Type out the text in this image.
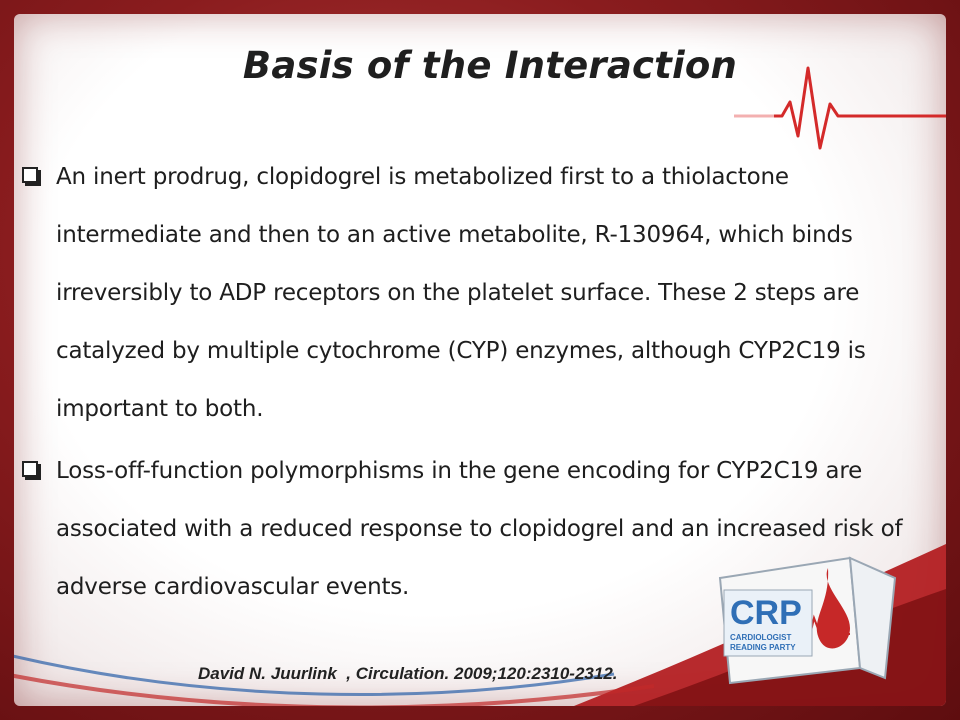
Basis of the Interaction

An inert prodrug, clopidogrel is metabolized first to a thiolactone intermediate and then to an active metabolite, R-130964, which binds irreversibly to ADP receptors on the platelet surface. These 2 steps are catalyzed by multiple cytochrome (CYP) enzymes, although CYP2C19 is important to both.

Loss-off-function polymorphisms in the gene encoding for CYP2C19 are associated with a reduced response to clopidogrel and an increased risk of adverse cardiovascular events.

CRP
CARDIOLOGIST
READING PARTY
David N. Juurlink  , Circulation. 2009;120:2310-2312.
